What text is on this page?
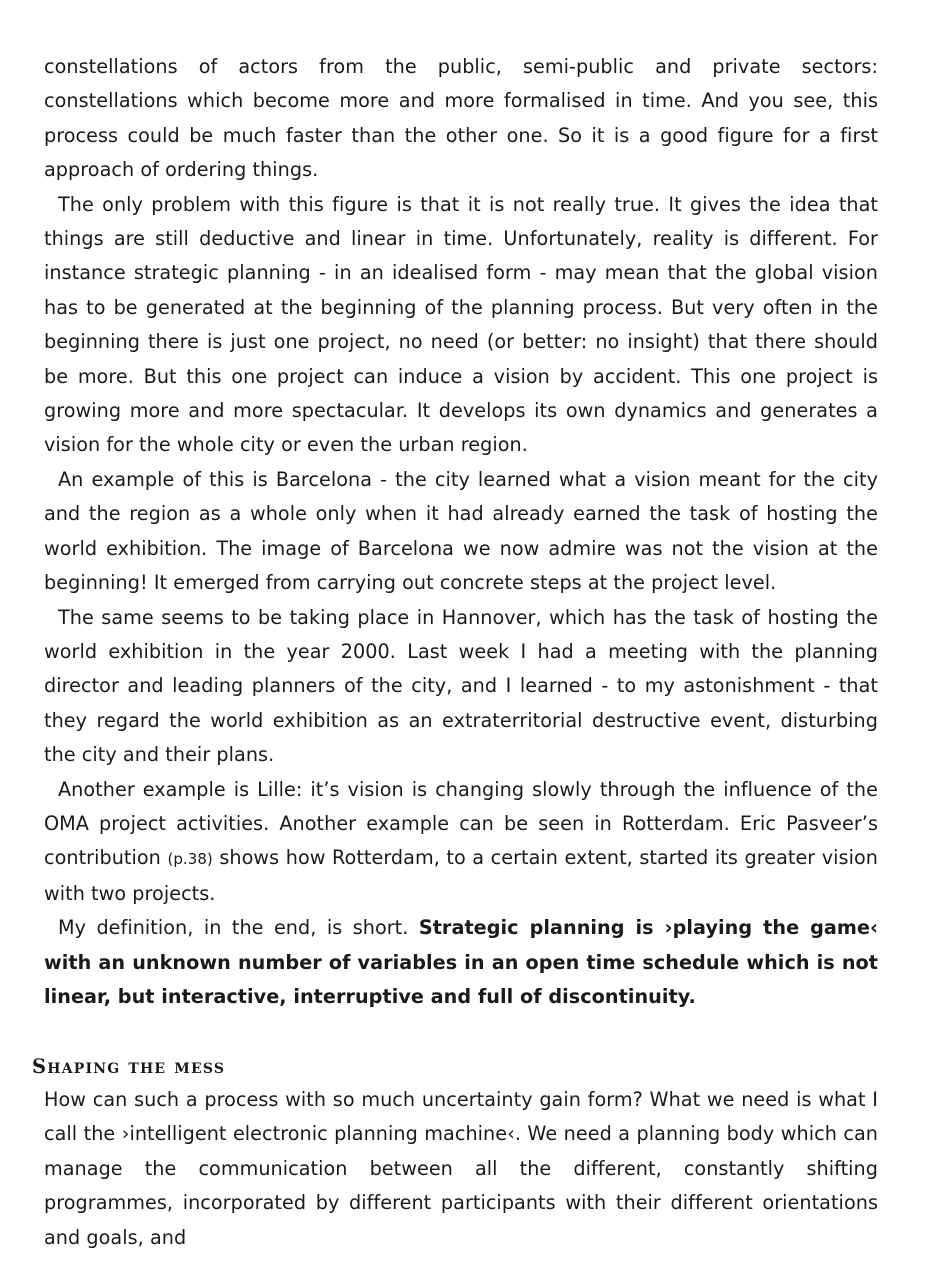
constellations of actors from the public, semi-public and private sectors: constellations which become more and more formalised in time. And you see, this process could be much faster than the other one. So it is a good figure for a first approach of ordering things.

The only problem with this figure is that it is not really true. It gives the idea that things are still deductive and linear in time. Unfortunately, reality is different. For instance strategic planning - in an idealised form - may mean that the global vision has to be generated at the beginning of the planning process. But very often in the beginning there is just one project, no need (or better: no insight) that there should be more. But this one project can induce a vision by accident. This one project is growing more and more spectacular. It develops its own dynamics and generates a vision for the whole city or even the urban region.

An example of this is Barcelona - the city learned what a vision meant for the city and the region as a whole only when it had already earned the task of hosting the world exhibition. The image of Barcelona we now admire was not the vision at the beginning! It emerged from carrying out concrete steps at the project level.

The same seems to be taking place in Hannover, which has the task of hosting the world exhibition in the year 2000. Last week I had a meeting with the planning director and leading planners of the city, and I learned - to my astonishment - that they regard the world exhibition as an extraterritorial destructive event, disturbing the city and their plans.

Another example is Lille: it’s vision is changing slowly through the influence of the OMA project activities. Another example can be seen in Rotterdam. Eric Pasveer’s contribution (p.38) shows how Rotterdam, to a certain extent, started its greater vision with two projects.

My definition, in the end, is short. Strategic planning is ›playing the game‹ with an unknown number of variables in an open time schedule which is not linear, but interactive, interruptive and full of discontinuity.

Shaping the mess

How can such a process with so much uncertainty gain form? What we need is what I call the ›intelligent electronic planning machine‹. We need a planning body which can manage the communication between all the different, constantly shifting programmes, incorporated by different participants with their different orientations and goals, and
